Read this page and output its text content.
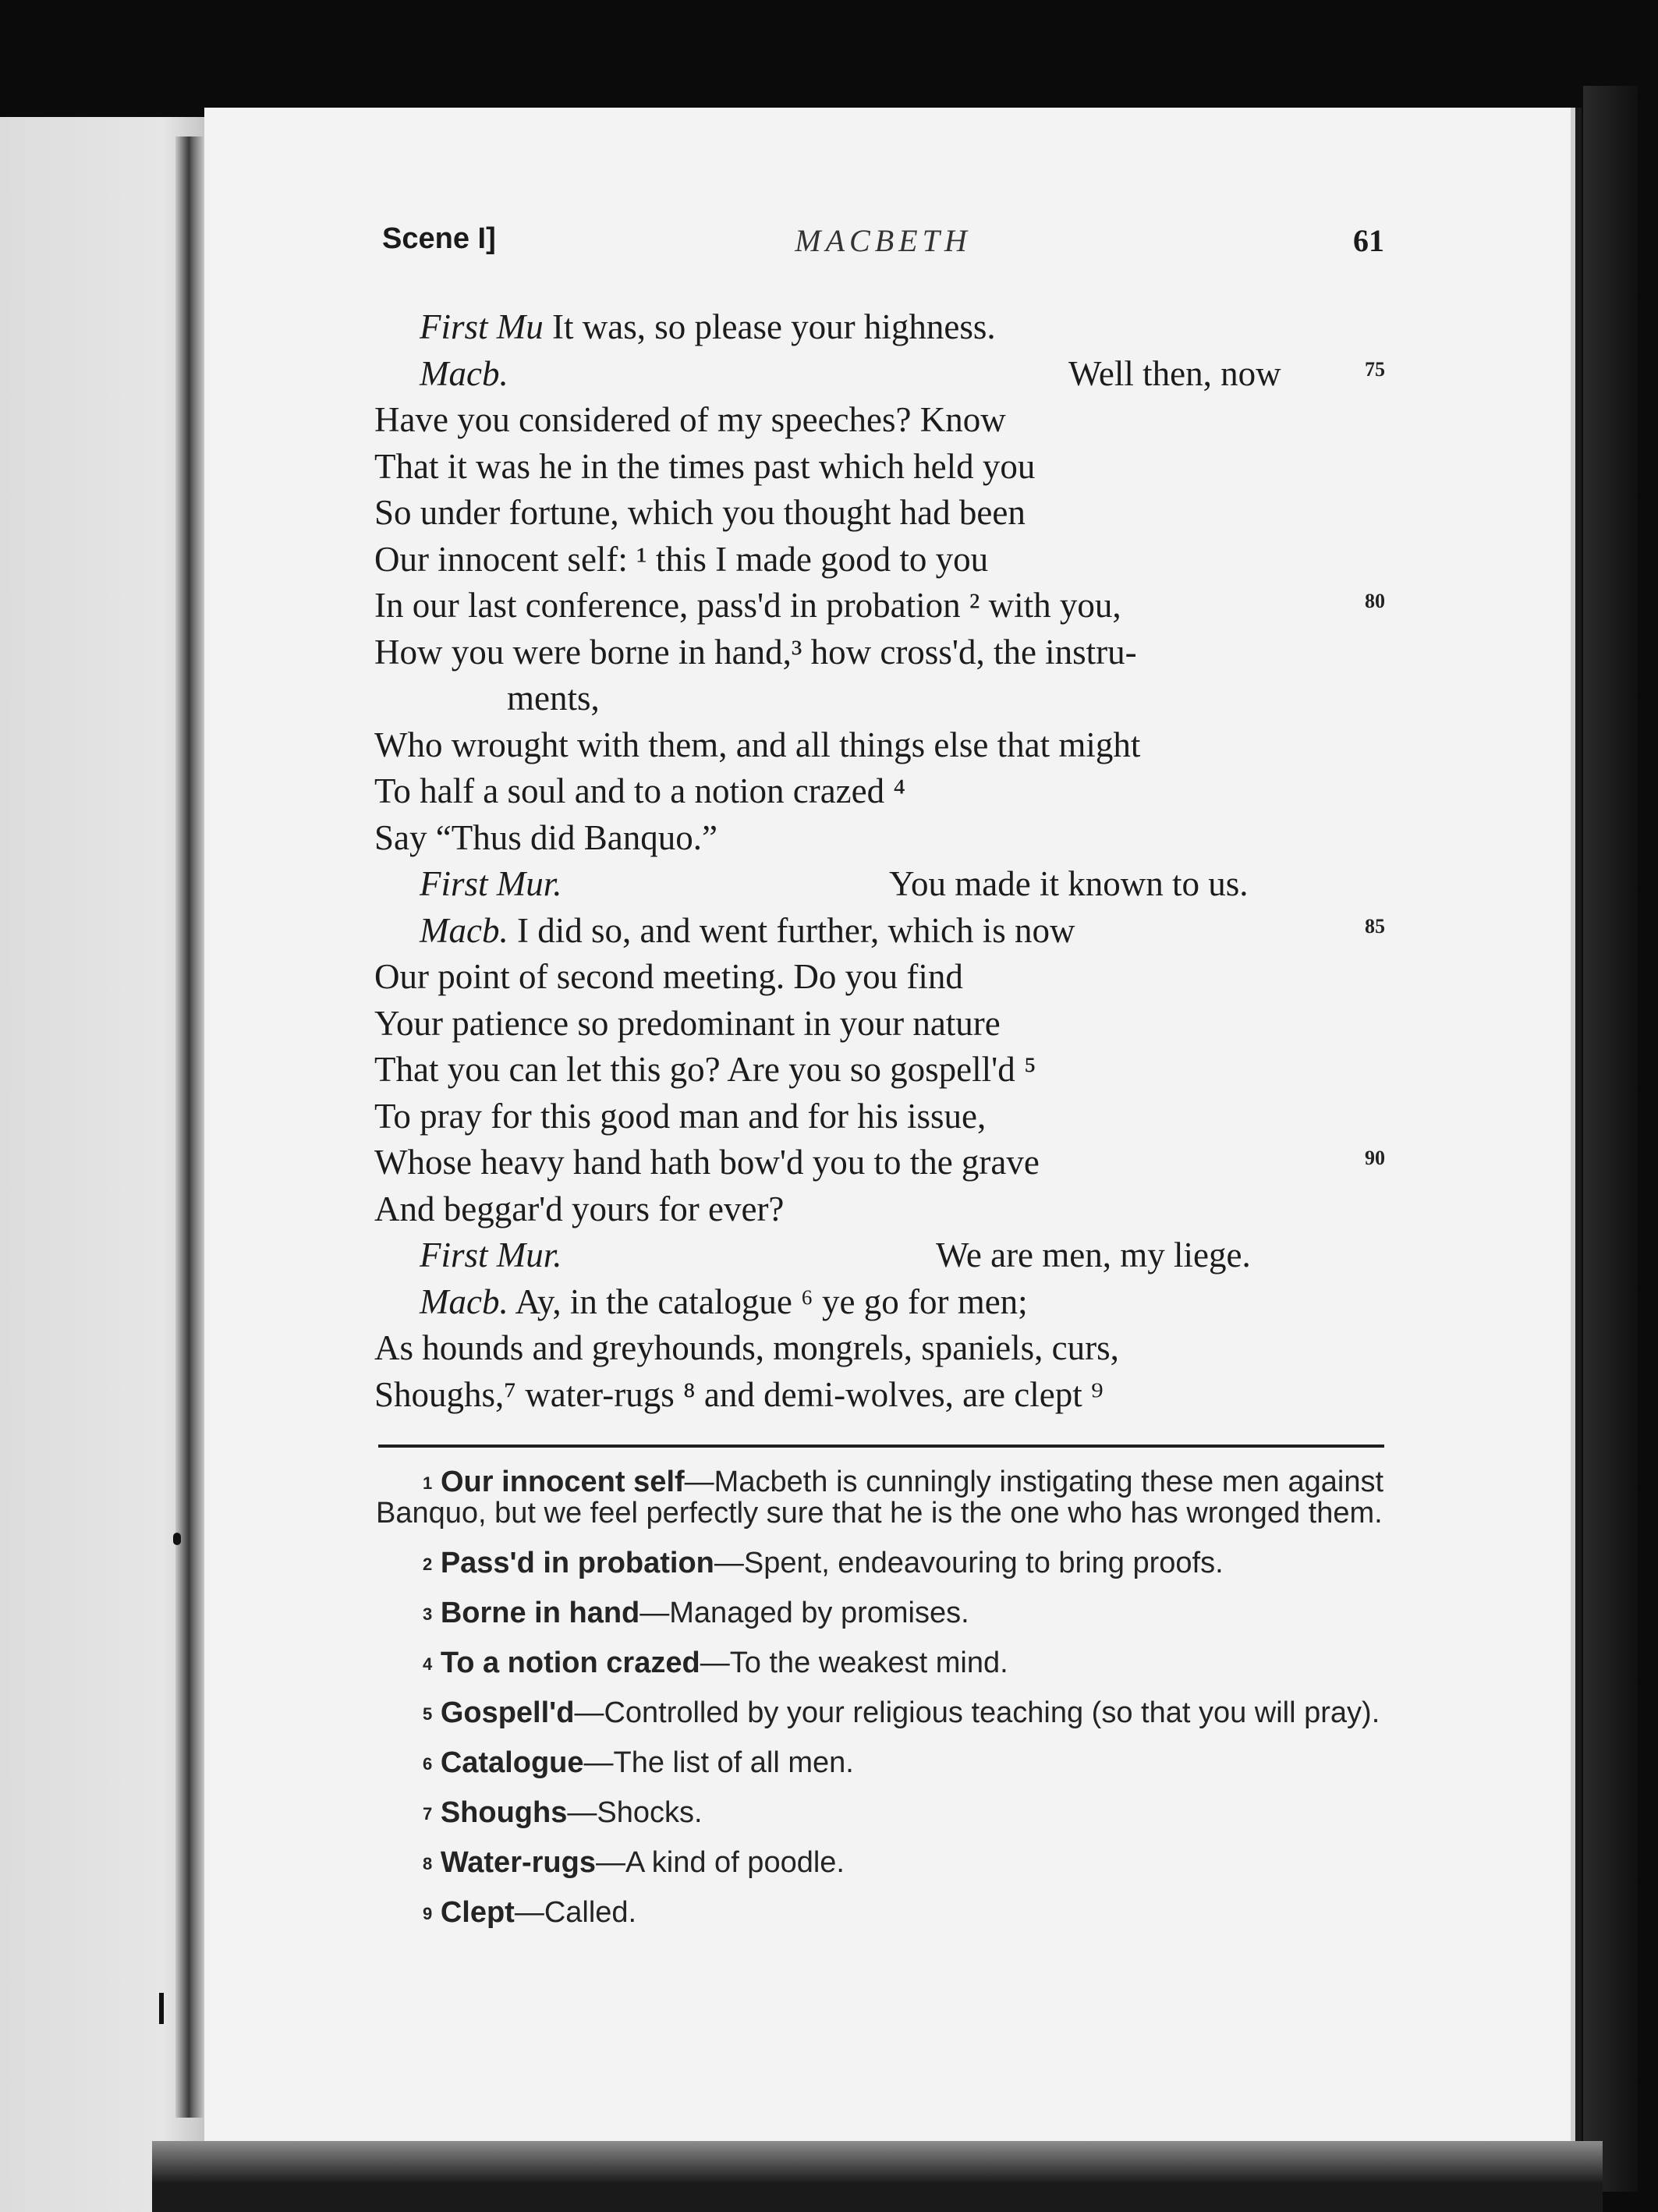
Scene I]	MACBETH	61
First Mu It was, so please your highness.
Macb.	Well then, now	75
Have you considered of my speeches? Know
That it was he in the times past which held you
So under fortune, which you thought had been
Our innocent self: ¹ this I made good to you
In our last conference, pass'd in probation ² with you,	80
How you were borne in hand,³ how cross'd, the instru-
ments,
Who wrought with them, and all things else that might
To half a soul and to a notion crazed ⁴
Say “Thus did Banquo.”
First Mur.	You made it known to us.
Macb. I did so, and went further, which is now	85
Our point of second meeting. Do you find
Your patience so predominant in your nature
That you can let this go? Are you so gospell'd ⁵
To pray for this good man and for his issue,
Whose heavy hand hath bow'd you to the grave	90
And beggar'd yours for ever?
First Mur.	We are men, my liege.
Macb. Ay, in the catalogue ⁶ ye go for men;
As hounds and greyhounds, mongrels, spaniels, curs,
Shoughs,⁷ water-rugs ⁸ and demi-wolves, are clept ⁹
$^1$ Our innocent self—Macbeth is cunningly instigating these men against Banquo, but we feel perfectly sure that he is the one who has wronged them.
$^2$ Pass'd in probation—Spent, endeavouring to bring proofs.
$^3$ Borne in hand—Managed by promises.
$^4$ To a notion crazed—To the weakest mind.
$^5$ Gospell'd—Controlled by your religious teaching (so that you will pray).
$^6$ Catalogue—The list of all men.
$^7$ Shoughs—Shocks.
$^8$ Water-rugs—A kind of poodle.
$^9$ Clept—Called.
